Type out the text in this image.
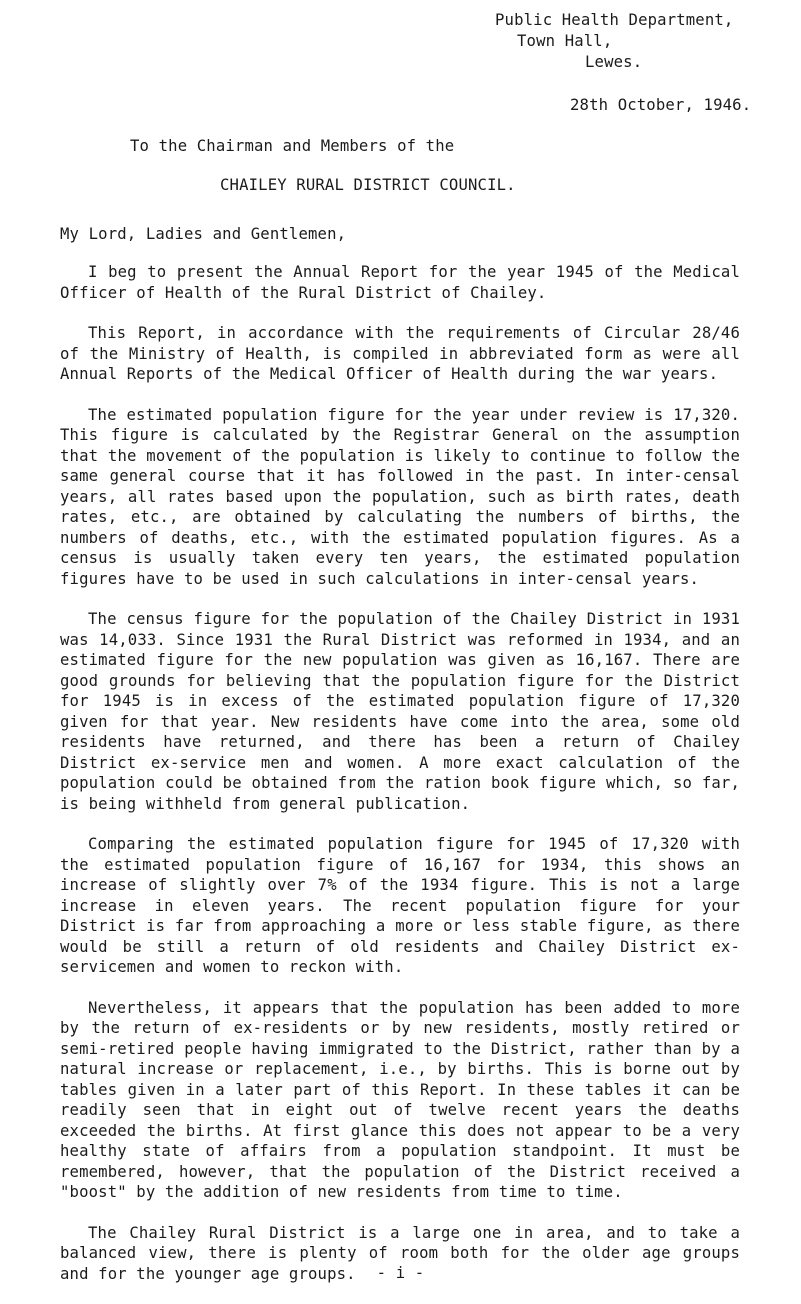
Public Health Department,
Town Hall,
Lewes.
28th October, 1946.
To the Chairman and Members of the
CHAILEY RURAL DISTRICT COUNCIL.
My Lord, Ladies and Gentlemen,

I beg to present the Annual Report for the year 1945 of the Medical Officer of Health of the Rural District of Chailey.

This Report, in accordance with the requirements of Circular 28/46 of the Ministry of Health, is compiled in abbreviated form as were all Annual Reports of the Medical Officer of Health during the war years.

The estimated population figure for the year under review is 17,320. This figure is calculated by the Registrar General on the assumption that the movement of the population is likely to continue to follow the same general course that it has followed in the past. In inter-censal years, all rates based upon the population, such as birth rates, death rates, etc., are obtained by calculating the numbers of births, the numbers of deaths, etc., with the estimated population figures. As a census is usually taken every ten years, the estimated population figures have to be used in such calculations in inter-censal years.

The census figure for the population of the Chailey District in 1931 was 14,033. Since 1931 the Rural District was reformed in 1934, and an estimated figure for the new population was given as 16,167. There are good grounds for believing that the population figure for the District for 1945 is in excess of the estimated population figure of 17,320 given for that year. New residents have come into the area, some old residents have returned, and there has been a return of Chailey District ex-service men and women. A more exact calculation of the population could be obtained from the ration book figure which, so far, is being withheld from general publication.

Comparing the estimated population figure for 1945 of 17,320 with the estimated population figure of 16,167 for 1934, this shows an increase of slightly over 7% of the 1934 figure. This is not a large increase in eleven years. The recent population figure for your District is far from approaching a more or less stable figure, as there would be still a return of old residents and Chailey District ex-servicemen and women to reckon with.

Nevertheless, it appears that the population has been added to more by the return of ex-residents or by new residents, mostly retired or semi-retired people having immigrated to the District, rather than by a natural increase or replacement, i.e., by births. This is borne out by tables given in a later part of this Report. In these tables it can be readily seen that in eight out of twelve recent years the deaths exceeded the births. At first glance this does not appear to be a very healthy state of affairs from a population standpoint. It must be remembered, however, that the population of the District received a "boost" by the addition of new residents from time to time.

The Chailey Rural District is a large one in area, and to take a balanced view, there is plenty of room both for the older age groups and for the younger age groups.	- i -
